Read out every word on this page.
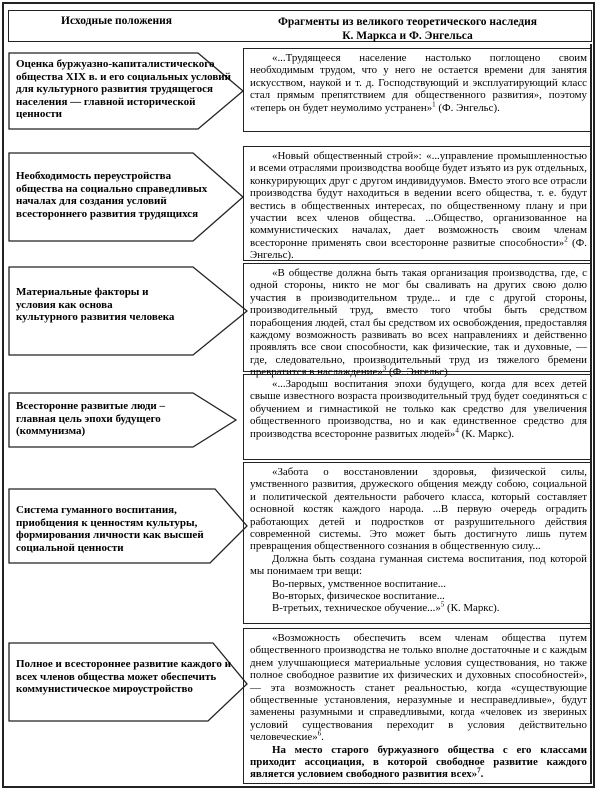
Исходные положения	Фрагменты из великого теоретического наследия
К. Маркса и Ф. Энгельса
Оценка буржуазно-капиталистического общества XIX в. и его социальных условий для культурного развития трудящегося населения — главной исторической ценности

«...Трудящееся население настолько поглощено своим необходимым трудом, что у него не остается времени для занятия искусством, наукой и т. д. Господствующий и эксплуатирующий класс стал прямым препятствием для общественного развития», поэтому «теперь он будет неумолимо устранен»$^1$ (Ф. Энгельс).

Необходимость переустройства общества на социально справедливых началах для создания условий всестороннего развития трудящихся

«Новый общественный строй»: «...управление промышленностью и всеми отраслями производства вообще будет изъято из рук отдельных, конкурирующих друг с другом индивидуумов. Вместо этого все отрасли производства будут находиться в ведении всего общества, т. е. будут вестись в общественных интересах, по общественному плану и при участии всех членов общества. ...Общество, организованное на коммунистических началах, дает возможность своим членам всесторонне применять свои всесторонне развитые способности»$^2$ (Ф. Энгельс).

Материальные факторы и условия как основа культурного развития человека

«В обществе должна быть такая организация производства, где, с одной стороны, никто не мог бы сваливать на других свою долю участия в производительном труде... и где с другой стороны, производительный труд, вместо того чтобы быть средством порабощения людей, стал бы средством их освобождения, предоставляя каждому возможность развивать во всех направлениях и действенно проявлять все свои способности, как физические, так и духовные, — где, следовательно, производительный труд из тяжелого бремени превратится в наслаждение»$^3$ (Ф. Энгельс).

Всесторонне развитые люди – главная цель эпохи будущего (коммунизма)

«...Зародыш воспитания эпохи будущего, когда для всех детей свыше известного возраста производительный труд будет соединяться с обучением и гимнастикой не только как средство для увеличения общественного производства, но и как единственное средство для производства всесторонне развитых людей»$^4$ (К. Маркс).

Система гуманного воспитания, приобщения к ценностям культуры, формирования личности как высшей социальной ценности

«Забота о восстановлении здоровья, физической силы, умственного развития, дружеского общения между собою, социальной и политической деятельности рабочего класса, который составляет основной костяк каждого народа. ...В первую очередь оградить работающих детей и подростков от разрушительного действия современной системы. Это может быть достигнуто лишь путем превращения общественного сознания в общественную силу...

Должна быть создана гуманная система воспитания, под которой мы понимаем три вещи:

Во-первых, умственное воспитание...

Во-вторых, физическое воспитание...

В-третьих, техническое обучение...»$^5$ (К. Маркс).

Полное и всестороннее развитие каждого и всех членов общества может обеспечить коммунистическое мироустройство

«Возможность обеспечить всем членам общества путем общественного производства не только вполне достаточные и с каждым днем улучшающиеся материальные условия существования, но также полное свободное развитие их физических и духовных способностей», — эта возможность станет реальностью, когда «существующие общественные установления, неразумные и несправедливые», будут заменены разумными и справедливыми, когда «человек из звериных условий существования переходит в условия действительно человеческие»$^6$.

На место старого буржуазного общества с его классами приходит ассоциация, в которой свободное развитие каждого является условием свободного развития всех»$^7$.
